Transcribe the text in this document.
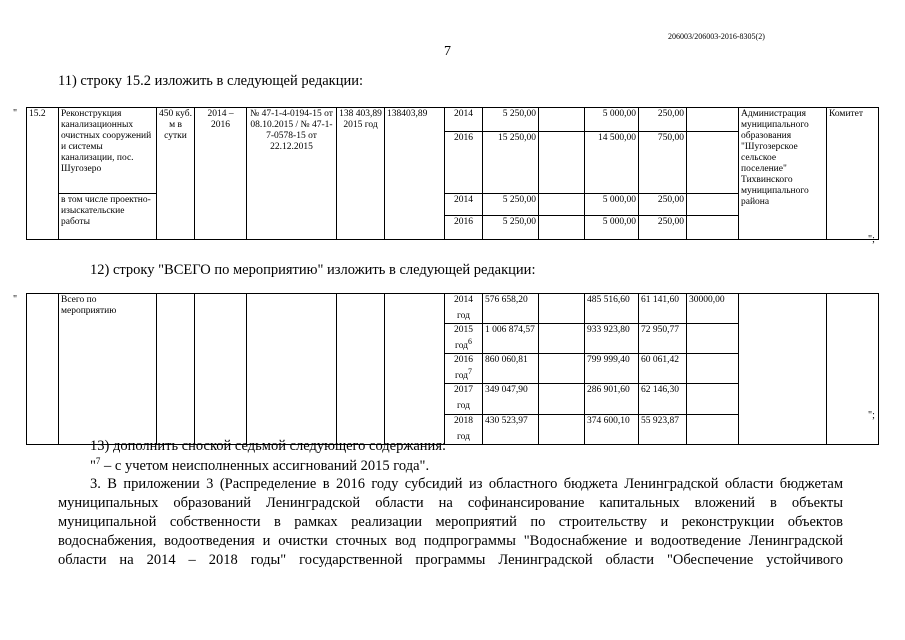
206003/206003-2016-8305(2)
7
11) строку 15.2 изложить в следующей редакции:
" 15.2	Реконструкция канализационных очистных сооружений и системы канализации, пос. Шугозеро	450 куб. м в сутки	2014 – 2016	№ 47-1-4-0194-15 от 08.10.2015 / № 47-1-7-0578-15 от 22.12.2015	138 403,89 2015 год	138403,89	2014	5 250,00		5 000,00	250,00		Администрация муниципального образования "Шугозерское сельское поселение" Тихвинского муниципального района	Комитет	
							2016	15 250,00		14 500,00	750,00				
	в том числе проектно-изыскательские работы						2014	5 250,00		5 000,00	250,00				
							2016	5 250,00		5 000,00	250,00				
";
12) строку "ВСЕГО по мероприятию" изложить в следующей редакции:
"
		Всего по мероприятию						2014 год	576 658,20		485 516,60	61 141,60	30000,00			
							2015 год$^6$	1 006 874,57		933 923,80	72 950,77				
							2016 год$^7$	860 060,81		799 999,40	60 061,42				
							2017 год	349 047,90		286 901,60	62 146,30				
							2018 год	430 523,97		374 600,10	55 923,87					";
13) дополнить сноской седьмой следующего содержания:
"$^7$ – с учетом неисполненных ассигнований 2015 года".
3. В приложении 3 (Распределение в 2016 году субсидий из областного бюджета Ленинградской области бюджетам
муниципальных образований Ленинградской области на софинансирование капитальных вложений в объекты
муниципальной собственности в рамках реализации мероприятий по строительству и реконструкции объектов
водоснабжения, водоотведения и очистки сточных вод подпрограммы "Водоснабжение и водоотведение Ленинградской
области на 2014 – 2018 годы" государственной программы Ленинградской области "Обеспечение устойчивого
